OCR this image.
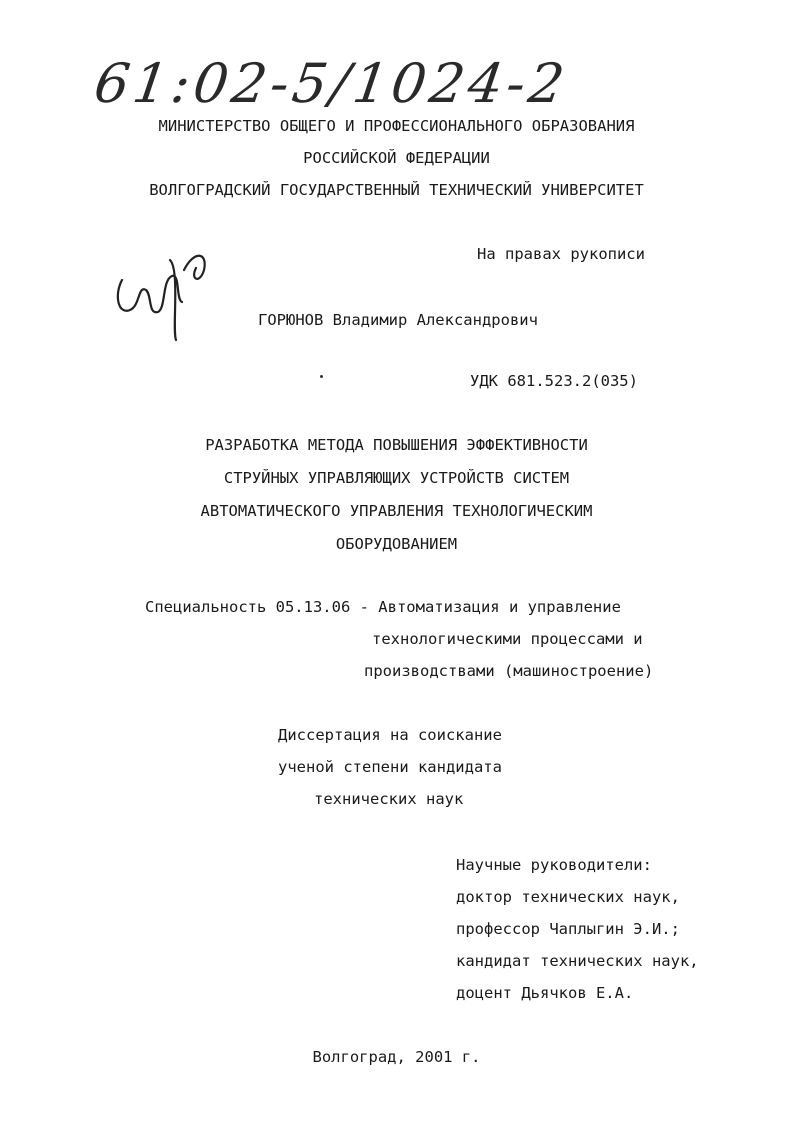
61:02-5/1024-2
МИНИСТЕРСТВО ОБЩЕГО И ПРОФЕССИОНАЛЬНОГО ОБРАЗОВАНИЯ
РОССИЙСКОЙ ФЕДЕРАЦИИ
ВОЛГОГРАДСКИЙ ГОСУДАРСТВЕННЫЙ ТЕХНИЧЕСКИЙ УНИВЕРСИТЕТ
На правах рукописи
ГОРЮНОВ Владимир Александрович
УДК 681.523.2(035)
РАЗРАБОТКА МЕТОДА ПОВЫШЕНИЯ ЭФФЕКТИВНОСТИ
СТРУЙНЫХ УПРАВЛЯЮЩИХ УСТРОЙСТВ СИСТЕМ
АВТОМАТИЧЕСКОГО УПРАВЛЕНИЯ ТЕХНОЛОГИЧЕСКИМ
ОБОРУДОВАНИЕМ
Специальность 05.13.06 - Автоматизация и управление
технологическими процессами и
производствами (машиностроение)
Диссертация на соискание
ученой степени кандидата
технических наук
Научные руководители:
доктор технических наук,
профессор Чаплыгин Э.И.;
кандидат технических наук,
доцент Дьячков Е.А.
Волгоград, 2001 г.
